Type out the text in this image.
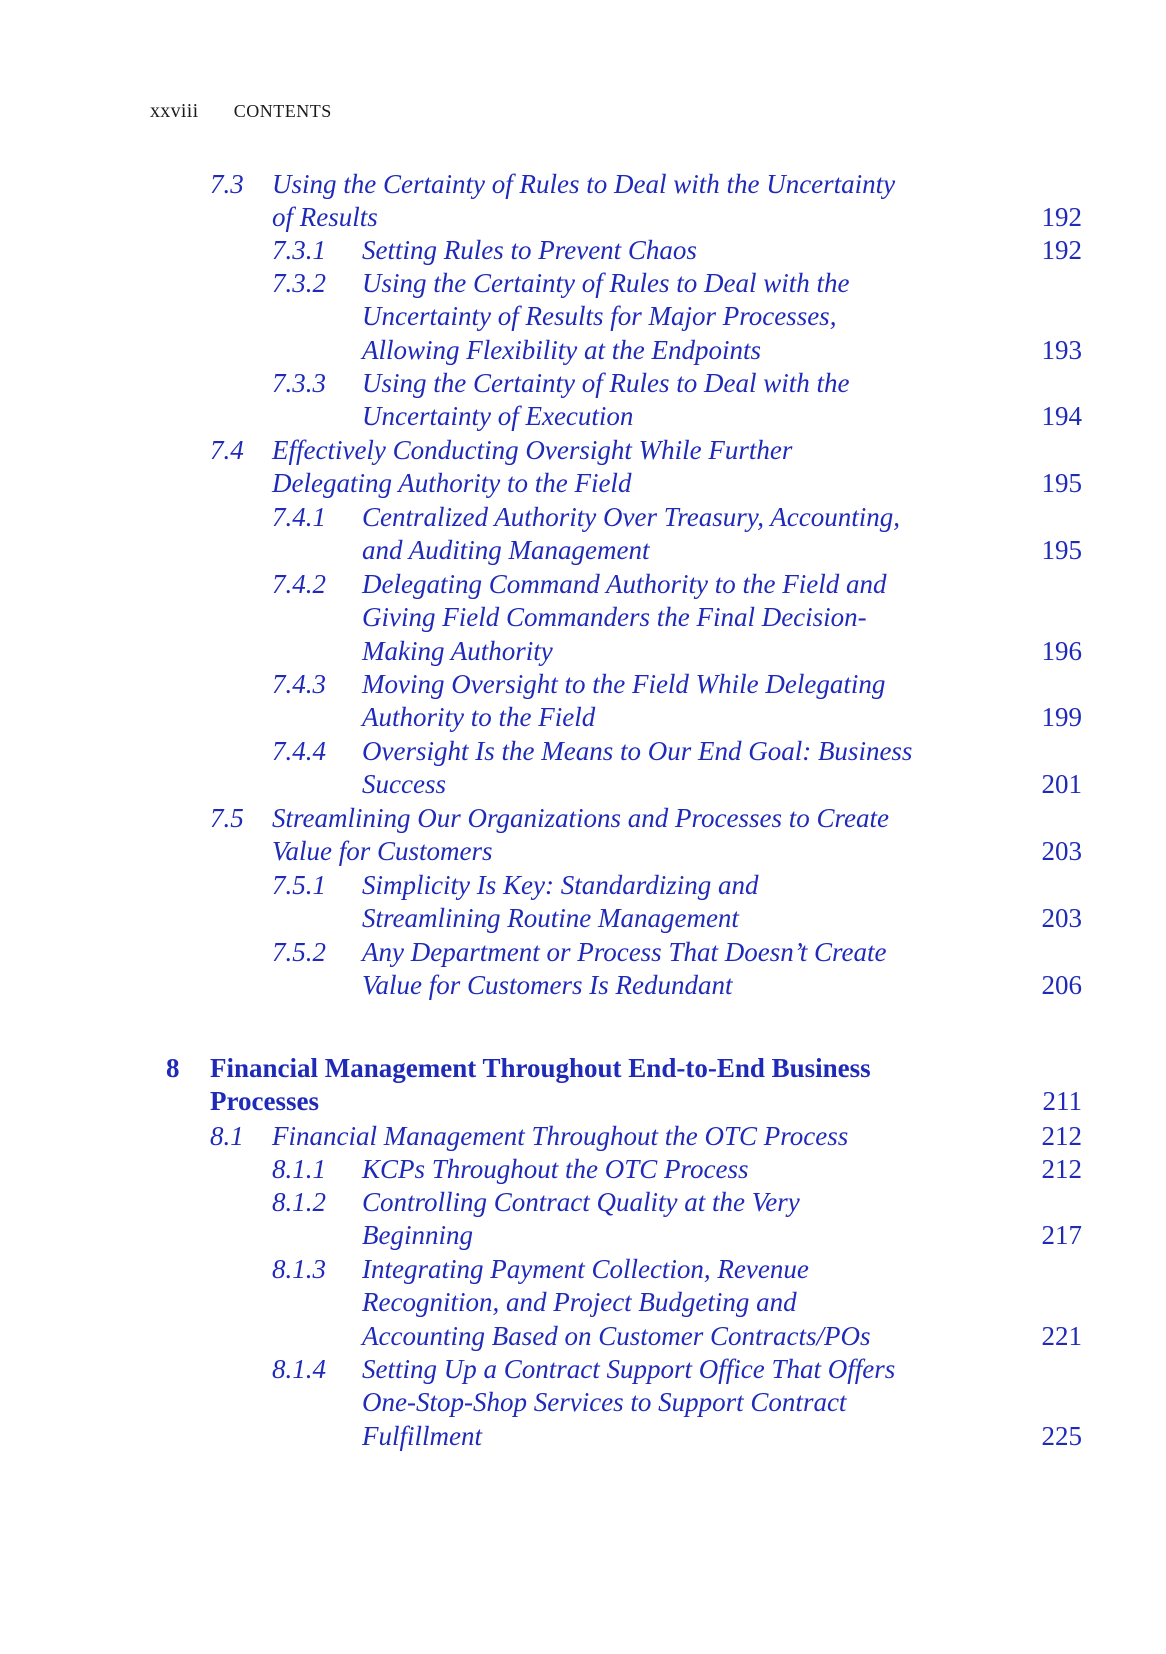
xxviii CONTENTS
7.3 Using the Certainty of Rules to Deal with the Uncertainty
of Results	192
7.3.1 Setting Rules to Prevent Chaos	192
7.3.2 Using the Certainty of Rules to Deal with the
Uncertainty of Results for Major Processes,
Allowing Flexibility at the Endpoints	193
7.3.3 Using the Certainty of Rules to Deal with the
Uncertainty of Execution	194
7.4 Effectively Conducting Oversight While Further
Delegating Authority to the Field	195
7.4.1 Centralized Authority Over Treasury, Accounting,
and Auditing Management	195
7.4.2 Delegating Command Authority to the Field and
Giving Field Commanders the Final Decision-
Making Authority	196
7.4.3 Moving Oversight to the Field While Delegating
Authority to the Field	199
7.4.4 Oversight Is the Means to Our End Goal: Business
Success	201
7.5 Streamlining Our Organizations and Processes to Create
Value for Customers	203
7.5.1 Simplicity Is Key: Standardizing and
Streamlining Routine Management	203
7.5.2 Any Department or Process That Doesn’t Create
Value for Customers Is Redundant	206
8 Financial Management Throughout End-to-End Business
Processes	211
8.1 Financial Management Throughout the OTC Process	212
8.1.1 KCPs Throughout the OTC Process	212
8.1.2 Controlling Contract Quality at the Very
Beginning	217
8.1.3 Integrating Payment Collection, Revenue
Recognition, and Project Budgeting and
Accounting Based on Customer Contracts/POs	221
8.1.4 Setting Up a Contract Support Office That Offers
One-Stop-Shop Services to Support Contract
Fulfillment	225
